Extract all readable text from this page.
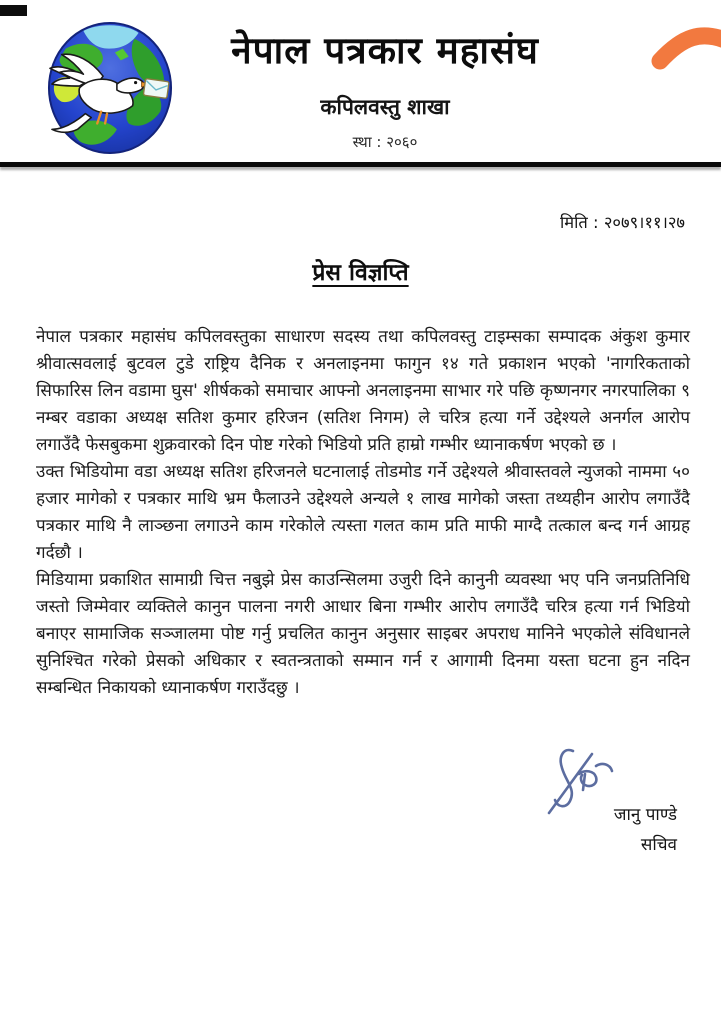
नेपाल पत्रकार महासंघ
कपिलवस्तु शाखा
स्था : २०६०
मिति : २०७९।११।२७
प्रेस विज्ञप्ति

नेपाल पत्रकार महासंघ कपिलवस्तुका साधारण सदस्य तथा कपिलवस्तु टाइम्सका सम्पादक अंकुश कुमार श्रीवात्सवलाई बुटवल टुडे राष्ट्रिय दैनिक र अनलाइनमा फागुन १४ गते प्रकाशन भएको 'नागरिकताको सिफारिस लिन वडामा घुस' शीर्षकको समाचार आफ्नो अनलाइनमा साभार गरे पछि कृष्णनगर नगरपालिका ९ नम्बर वडाका अध्यक्ष सतिश कुमार हरिजन (सतिश निगम) ले चरित्र हत्या गर्ने उद्देश्यले अनर्गल आरोप लगाउँदै फेसबुकमा शुक्रवारको दिन पोष्ट गरेको भिडियो प्रति हाम्रो गम्भीर ध्यानाकर्षण भएको छ ।

उक्त भिडियोमा वडा अध्यक्ष सतिश हरिजनले घटनालाई तोडमोड गर्ने उद्देश्यले श्रीवास्तवले न्युजको नाममा ५० हजार मागेको र पत्रकार माथि भ्रम फैलाउने उद्देश्यले अन्यले १ लाख मागेको जस्ता तथ्यहीन आरोप लगाउँदै पत्रकार माथि नै लाञ्छना लगाउने काम गरेकोले त्यस्ता गलत काम प्रति माफी माग्दै तत्काल बन्द गर्न आग्रह गर्दछौ ।

मिडियामा प्रकाशित सामाग्री चित्त नबुझे प्रेस काउन्सिलमा उजुरी दिने कानुनी व्यवस्था भए पनि जनप्रतिनिधि जस्तो जिम्मेवार व्यक्तिले कानुन पालना नगरी आधार बिना गम्भीर आरोप लगाउँदै चरित्र हत्या गर्न भिडियो बनाएर सामाजिक सञ्जालमा पोष्ट गर्नु प्रचलित कानुन अनुसार साइबर अपराध मानिने भएकोले संविधानले सुनिश्चित गरेको प्रेसको अधिकार र स्वतन्त्रताको सम्मान गर्न र आगामी दिनमा यस्ता घटना हुन नदिन सम्बन्धित निकायको ध्यानाकर्षण गराउँदछु ।

जानु पाण्डे
सचिव
